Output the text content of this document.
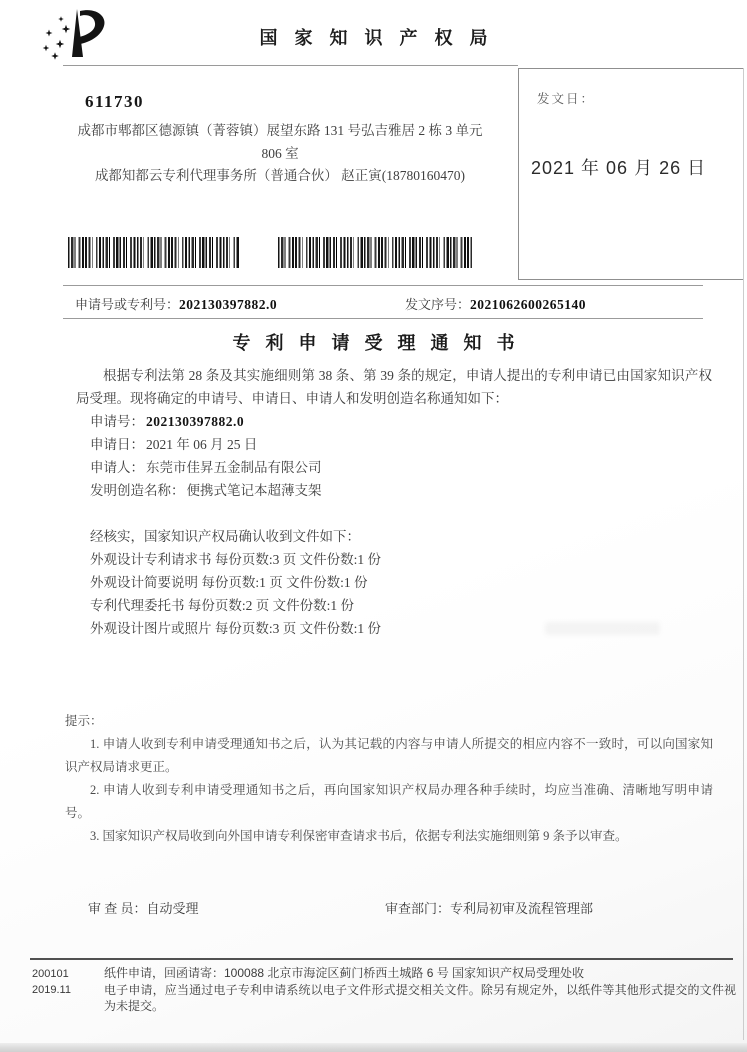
国家知识产权局
发文日：
2021 年 06 月 26 日
611730
成都市郫都区德源镇（菁蓉镇）展望东路 131 号弘吉雅居 2 栋 3 单元
806 室
成都知都云专利代理事务所（普通合伙） 赵正寅(18780160470)
申请号或专利号：202130397882.0	发文序号：2021062600265140
专利申请受理通知书

根据专利法第 28 条及其实施细则第 38 条、第 39 条的规定，申请人提出的专利申请已由国家知识产权局受理。现将确定的申请号、申请日、申请人和发明创造名称通知如下：

申请号： 202130397882.0
申请日： 2021 年 06 月 25 日
申请人： 东莞市佳昇五金制品有限公司
发明创造名称： 便携式笔记本超薄支架
经核实，国家知识产权局确认收到文件如下：
外观设计专利请求书 每份页数:3 页 文件份数:1 份
外观设计简要说明 每份页数:1 页 文件份数:1 份
专利代理委托书 每份页数:2 页 文件份数:1 份
外观设计图片或照片 每份页数:3 页 文件份数:1 份

提示：

1. 申请人收到专利申请受理通知书之后，认为其记载的内容与申请人所提交的相应内容不一致时，可以向国家知识产权局请求更正。

2. 申请人收到专利申请受理通知书之后，再向国家知识产权局办理各种手续时，均应当准确、清晰地写明申请号。

3. 国家知识产权局收到向外国申请专利保密审查请求书后，依据专利法实施细则第 9 条予以审查。

审 查 员：自动受理	审查部门：专利局初审及流程管理部
200101
2019.11

纸件申请，回函请寄：100088 北京市海淀区蓟门桥西土城路 6 号 国家知识产权局受理处收

电子申请，应当通过电子专利申请系统以电子文件形式提交相关文件。除另有规定外，以纸件等其他形式提交的文件视为未提交。
